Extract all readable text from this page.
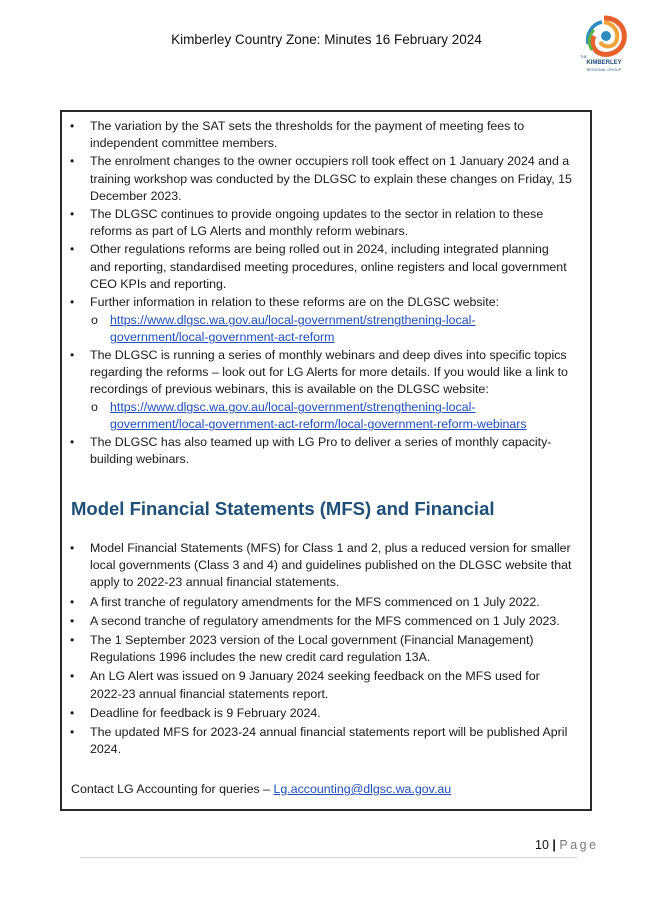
Kimberley Country Zone: Minutes 16 February 2024
THE
KIMBERLEY
REGIONAL GROUP
• The variation by the SAT sets the thresholds for the payment of meeting fees to independent committee members.
• The enrolment changes to the owner occupiers roll took effect on 1 January 2024 and a training workshop was conducted by the DLGSC to explain these changes on Friday, 15 December 2023.
• The DLGSC continues to provide ongoing updates to the sector in relation to these reforms as part of LG Alerts and monthly reform webinars.
• Other regulations reforms are being rolled out in 2024, including integrated planning and reporting, standardised meeting procedures, online registers and local government CEO KPIs and reporting.
• Further information in relation to these reforms are on the DLGSC website:
o https://www.dlgsc.wa.gov.au/local-government/strengthening-local-government/local-government-act-reform
• The DLGSC is running a series of monthly webinars and deep dives into specific topics regarding the reforms – look out for LG Alerts for more details. If you would like a link to recordings of previous webinars, this is available on the DLGSC website:
o https://www.dlgsc.wa.gov.au/local-government/strengthening-local-government/local-government-act-reform/local-government-reform-webinars
• The DLGSC has also teamed up with LG Pro to deliver a series of monthly capacity-building webinars.
Model Financial Statements (MFS) and Financial
• Model Financial Statements (MFS) for Class 1 and 2, plus a reduced version for smaller local governments (Class 3 and 4) and guidelines published on the DLGSC website that apply to 2022-23 annual financial statements.
• A first tranche of regulatory amendments for the MFS commenced on 1 July 2022.
• A second tranche of regulatory amendments for the MFS commenced on 1 July 2023.
• The 1 September 2023 version of the Local government (Financial Management) Regulations 1996 includes the new credit card regulation 13A.
• An LG Alert was issued on 9 January 2024 seeking feedback on the MFS used for 2022-23 annual financial statements report.
• Deadline for feedback is 9 February 2024.
• The updated MFS for 2023-24 annual financial statements report will be published April 2024.
Contact LG Accounting for queries – Lg.accounting@dlgsc.wa.gov.au
10 | Page
